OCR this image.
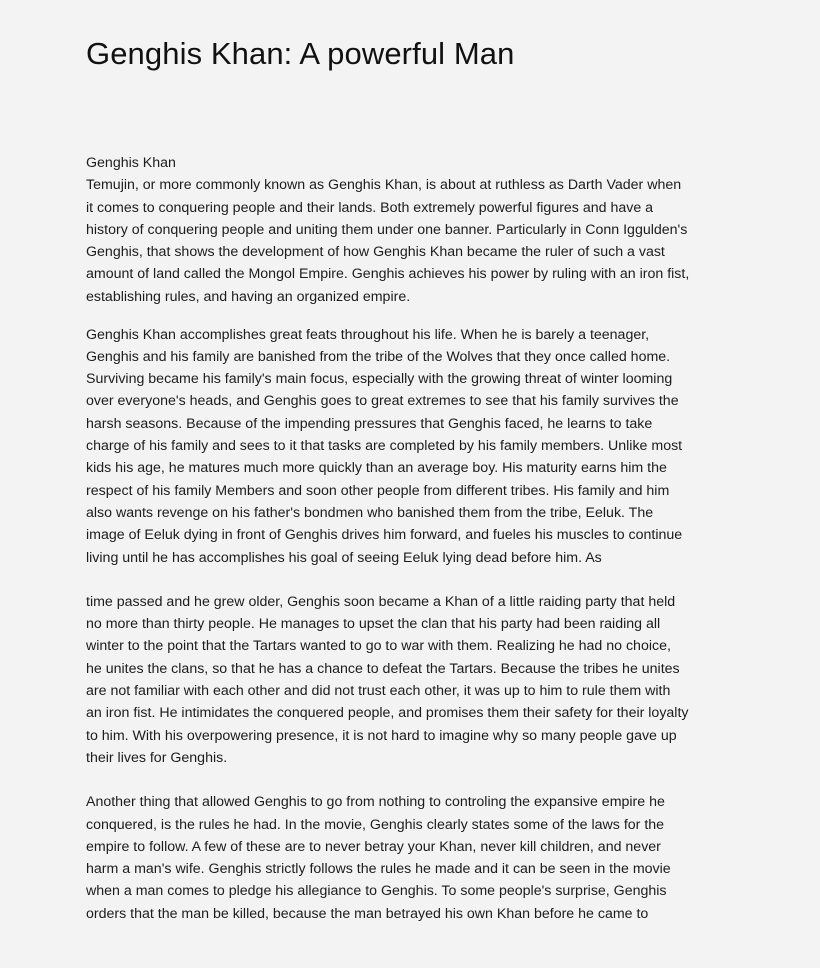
Genghis Khan: A powerful Man
Genghis Khan
Temujin, or more commonly known as Genghis Khan, is about at ruthless as Darth Vader when
it comes to conquering people and their lands. Both extremely powerful figures and have a
history of conquering people and uniting them under one banner. Particularly in Conn Iggulden's
Genghis, that shows the development of how Genghis Khan became the ruler of such a vast
amount of land called the Mongol Empire. Genghis achieves his power by ruling with an iron fist,
establishing rules, and having an organized empire.
Genghis Khan accomplishes great feats throughout his life. When he is barely a teenager,
Genghis and his family are banished from the tribe of the Wolves that they once called home.
Surviving became his family's main focus, especially with the growing threat of winter looming
over everyone's heads, and Genghis goes to great extremes to see that his family survives the
harsh seasons. Because of the impending pressures that Genghis faced, he learns to take
charge of his family and sees to it that tasks are completed by his family members. Unlike most
kids his age, he matures much more quickly than an average boy. His maturity earns him the
respect of his family Members and soon other people from different tribes. His family and him
also wants revenge on his father's bondmen who banished them from the tribe, Eeluk. The
image of Eeluk dying in front of Genghis drives him forward, and fueles his muscles to continue
living until he has accomplishes his goal of seeing Eeluk lying dead before him. As
time passed and he grew older, Genghis soon became a Khan of a little raiding party that held
no more than thirty people. He manages to upset the clan that his party had been raiding all
winter to the point that the Tartars wanted to go to war with them. Realizing he had no choice,
he unites the clans, so that he has a chance to defeat the Tartars. Because the tribes he unites
are not familiar with each other and did not trust each other, it was up to him to rule them with
an iron fist. He intimidates the conquered people, and promises them their safety for their loyalty
to him. With his overpowering presence, it is not hard to imagine why so many people gave up
their lives for Genghis.
Another thing that allowed Genghis to go from nothing to controling the expansive empire he
conquered, is the rules he had. In the movie, Genghis clearly states some of the laws for the
empire to follow. A few of these are to never betray your Khan, never kill children, and never
harm a man's wife. Genghis strictly follows the rules he made and it can be seen in the movie
when a man comes to pledge his allegiance to Genghis. To some people's surprise, Genghis
orders that the man be killed, because the man betrayed his own Khan before he came to
